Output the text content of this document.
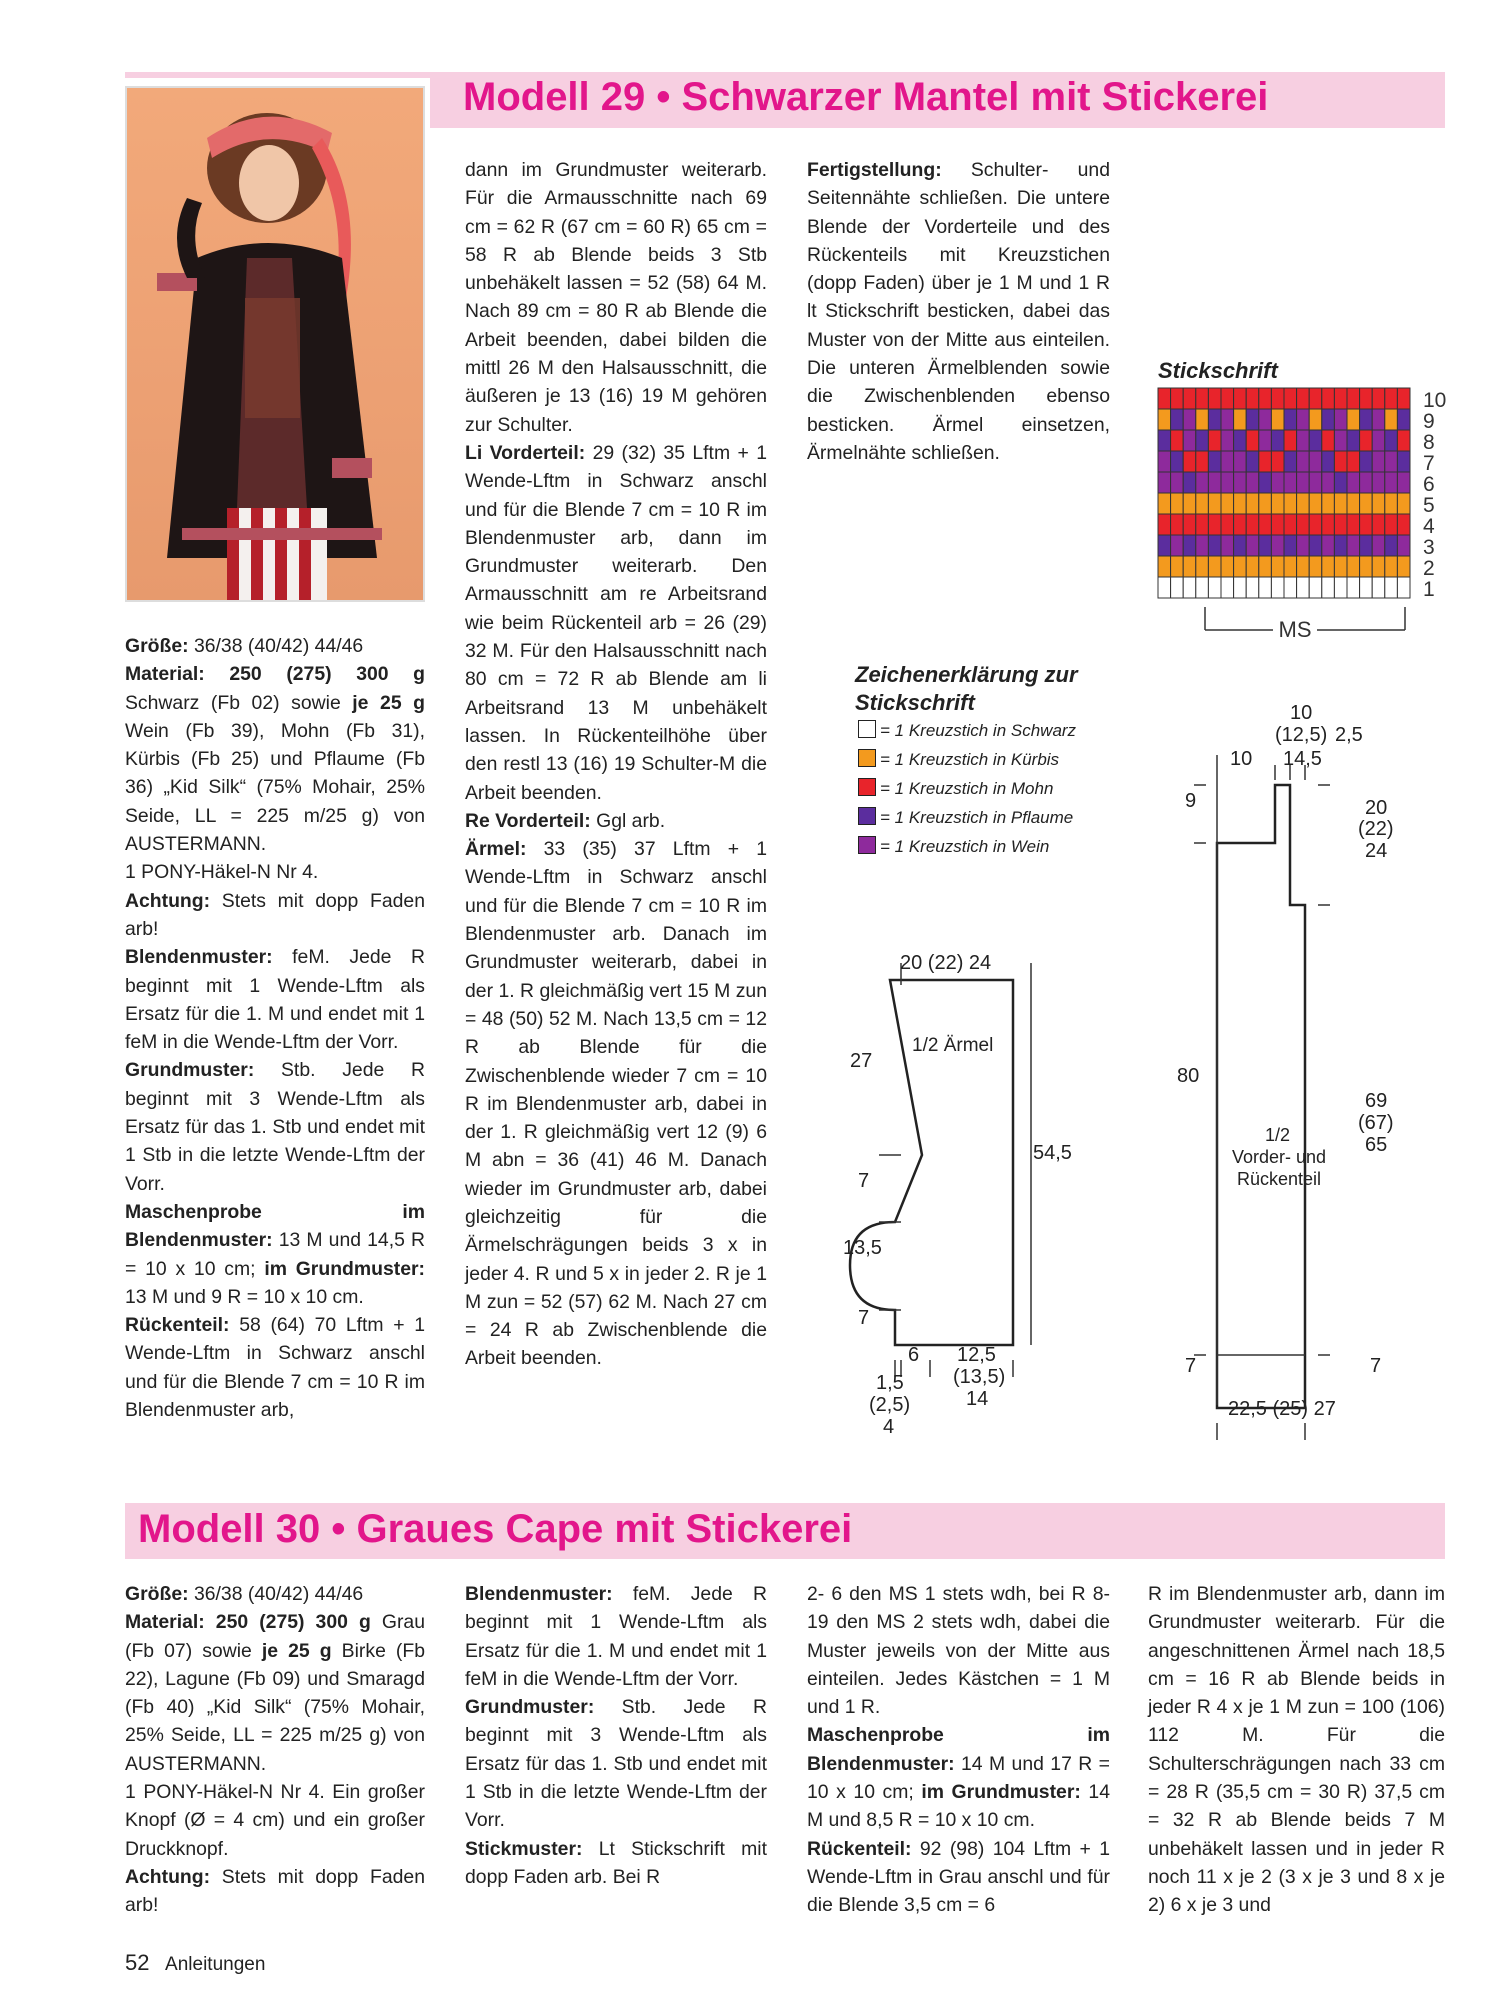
Modell 29 • Schwarzer Mantel mit Stickerei

Größe: 36/38 (40/42) 44/46

Material: 250 (275) 300 g Schwarz (Fb 02) sowie je 25 g Wein (Fb 39), Mohn (Fb 31), Kürbis (Fb 25) und Pflaume (Fb 36) „Kid Silk“ (75% Mohair, 25% Seide, LL = 225 m/25 g) von AUSTERMANN.

1 PONY-Häkel-N Nr 4.

Achtung: Stets mit dopp Faden arb!

Blendenmuster: feM. Jede R beginnt mit 1 Wende-Lftm als Ersatz für die 1. M und endet mit 1 feM in die Wende-Lftm der Vorr.

Grundmuster: Stb. Jede R beginnt mit 3 Wende-Lftm als Ersatz für das 1. Stb und endet mit 1 Stb in die letzte Wende-Lftm der Vorr.

Maschenprobe im Blendenmuster: 13 M und 14,5 R = 10 x 10 cm; im Grundmuster: 13 M und 9 R = 10 x 10 cm.

Rückenteil: 58 (64) 70 Lftm + 1 Wende-Lftm in Schwarz anschl und für die Blende 7 cm = 10 R im Blendenmuster arb,

dann im Grundmuster weiterarb. Für die Armausschnitte nach 69 cm = 62 R (67 cm = 60 R) 65 cm = 58 R ab Blende beids 3 Stb unbehäkelt lassen = 52 (58) 64 M. Nach 89 cm = 80 R ab Blende die Arbeit beenden, dabei bilden die mittl 26 M den Halsausschnitt, die äußeren je 13 (16) 19 M gehören zur Schulter.

Li Vorderteil: 29 (32) 35 Lftm + 1 Wende-Lftm in Schwarz anschl und für die Blende 7 cm = 10 R im Blendenmuster arb, dann im Grundmuster weiterarb. Den Armausschnitt am re Arbeitsrand wie beim Rückenteil arb = 26 (29) 32 M. Für den Halsausschnitt nach 80 cm = 72 R ab Blende am li Arbeitsrand 13 M unbehäkelt lassen. In Rückenteilhöhe über den restl 13 (16) 19 Schulter-M die Arbeit beenden.

Re Vorderteil: Ggl arb.

Ärmel: 33 (35) 37 Lftm + 1 Wende-Lftm in Schwarz anschl und für die Blende 7 cm = 10 R im Blendenmuster arb. Danach im Grundmuster weiterarb, dabei in der 1. R gleichmäßig vert 15 M zun = 48 (50) 52 M. Nach 13,5 cm = 12 R ab Blende für die Zwischenblende wieder 7 cm = 10 R im Blendenmuster arb, dabei in der 1. R gleichmäßig vert 12 (9) 6 M abn = 36 (41) 46 M. Danach wieder im Grundmuster arb, dabei gleichzeitig für die Ärmelschrägungen beids 3 x in jeder 4. R und 5 x in jeder 2. R je 1 M zun = 52 (57) 62 M. Nach 27 cm = 24 R ab Zwischenblende die Arbeit beenden.

Fertigstellung: Schulter- und Seitennähte schließen. Die untere Blende der Vorderteile und des Rückenteils mit Kreuzstichen (dopp Faden) über je 1 M und 1 R lt Stickschrift besticken, dabei das Muster von der Mitte aus einteilen. Die unteren Ärmelblenden sowie die Zwischenblenden ebenso besticken. Ärmel einsetzen, Ärmelnähte schließen.

Stickschrift
10
9
8
7
6
5
4
3
2
1
MS
Zeichenerklärung zur
Stickschrift
= 1 Kreuzstich in Schwarz
= 1 Kreuzstich in Kürbis
= 1 Kreuzstich in Mohn
= 1 Kreuzstich in Pflaume
= 1 Kreuzstich in Wein
20 (22) 24
1/2 Ärmel
27
7
13,5
7
54,5
6 12,5
(13,5)
14
1,5
(2,5)
4
10
(12,5) 2,5
10 14,5
9
80
20
(22)
24
69
(67)
65
1/2
Vorder- und
Rückenteil
7	7
22,5 (25) 27
Modell 30 • Graues Cape mit Stickerei

Größe: 36/38 (40/42) 44/46

Material: 250 (275) 300 g Grau (Fb 07) sowie je 25 g Birke (Fb 22), Lagune (Fb 09) und Smaragd (Fb 40) „Kid Silk“ (75% Mohair, 25% Seide, LL = 225 m/25 g) von AUSTERMANN.

1 PONY-Häkel-N Nr 4. Ein großer Knopf (Ø = 4 cm) und ein großer Druckknopf.

Achtung: Stets mit dopp Faden arb!

Blendenmuster: feM. Jede R beginnt mit 1 Wende-Lftm als Ersatz für die 1. M und endet mit 1 feM in die Wende-Lftm der Vorr.

Grundmuster: Stb. Jede R beginnt mit 3 Wende-Lftm als Ersatz für das 1. Stb und endet mit 1 Stb in die letzte Wende-Lftm der Vorr.

Stickmuster: Lt Stickschrift mit dopp Faden arb. Bei R

2- 6 den MS 1 stets wdh, bei R 8- 19 den MS 2 stets wdh, dabei die Muster jeweils von der Mitte aus einteilen. Jedes Kästchen = 1 M und 1 R.

Maschenprobe im Blendenmuster: 14 M und 17 R = 10 x 10 cm; im Grundmuster: 14 M und 8,5 R = 10 x 10 cm.

Rückenteil: 92 (98) 104 Lftm + 1 Wende-Lftm in Grau anschl und für die Blende 3,5 cm = 6

R im Blendenmuster arb, dann im Grundmuster weiterarb. Für die angeschnittenen Ärmel nach 18,5 cm = 16 R ab Blende beids in jeder R 4 x je 1 M zun = 100 (106) 112 M. Für die Schulterschrägungen nach 33 cm = 28 R (35,5 cm = 30 R) 37,5 cm = 32 R ab Blende beids 7 M unbehäkelt lassen und in jeder R noch 11 x je 2 (3 x je 3 und 8 x je 2) 6 x je 3 und

52 Anleitungen
